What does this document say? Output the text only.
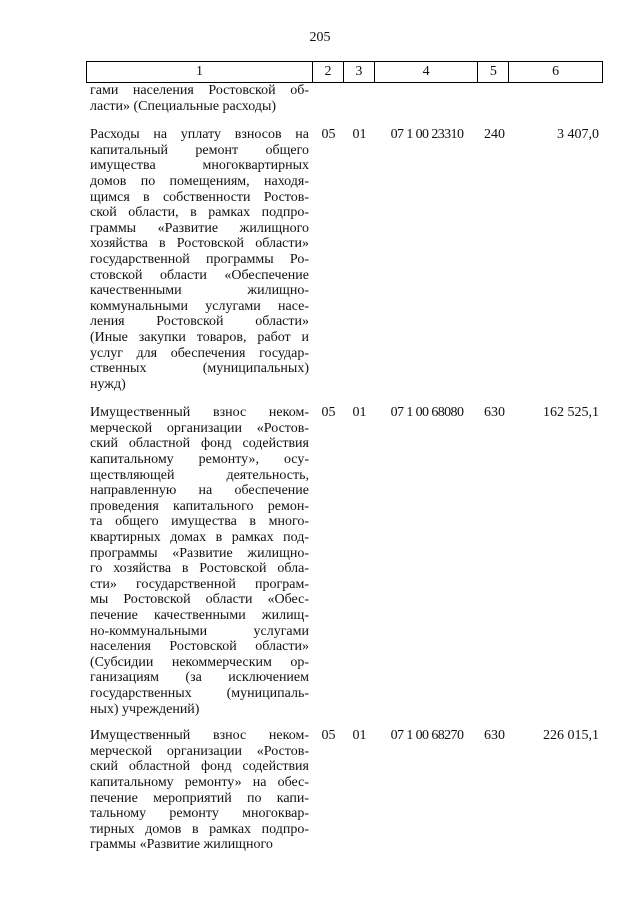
205
1	2	3	4	5	6
гами населения Ростовской об-
ласти» (Специальные расходы)
Расходы на уплату взносов на
капитальный ремонт общего
имущества многоквартирных
домов по помещениям, находя-
щимся в собственности Ростов-
ской области, в рамках подпро-
граммы «Развитие жилищного
хозяйства в Ростовской области»
государственной программы Ро-
стовской области «Обеспечение
качественными жилищно-
коммунальными услугами насе-
ления Ростовской области»
(Иные закупки товаров, работ и
услуг для обеспечения государ-
ственных (муниципальных)
нужд)
05	01	07 1 00 23310	240	3 407,0
Имущественный взнос неком-
мерческой организации «Ростов-
ский областной фонд содействия
капитальному ремонту», осу-
ществляющей деятельность,
направленную на обеспечение
проведения капитального ремон-
та общего имущества в много-
квартирных домах в рамках под-
программы «Развитие жилищно-
го хозяйства в Ростовской обла-
сти» государственной програм-
мы Ростовской области «Обес-
печение качественными жилищ-
но-коммунальными услугами
населения Ростовской области»
(Субсидии некоммерческим ор-
ганизациям (за исключением
государственных (муниципаль-
ных) учреждений)
05	01	07 1 00 68080	630	162 525,1
Имущественный взнос неком-
мерческой организации «Ростов-
ский областной фонд содействия
капитальному ремонту» на обес-
печение мероприятий по капи-
тальному ремонту многоквар-
тирных домов в рамках подпро-
граммы «Развитие жилищного
05	01	07 1 00 68270	630	226 015,1
